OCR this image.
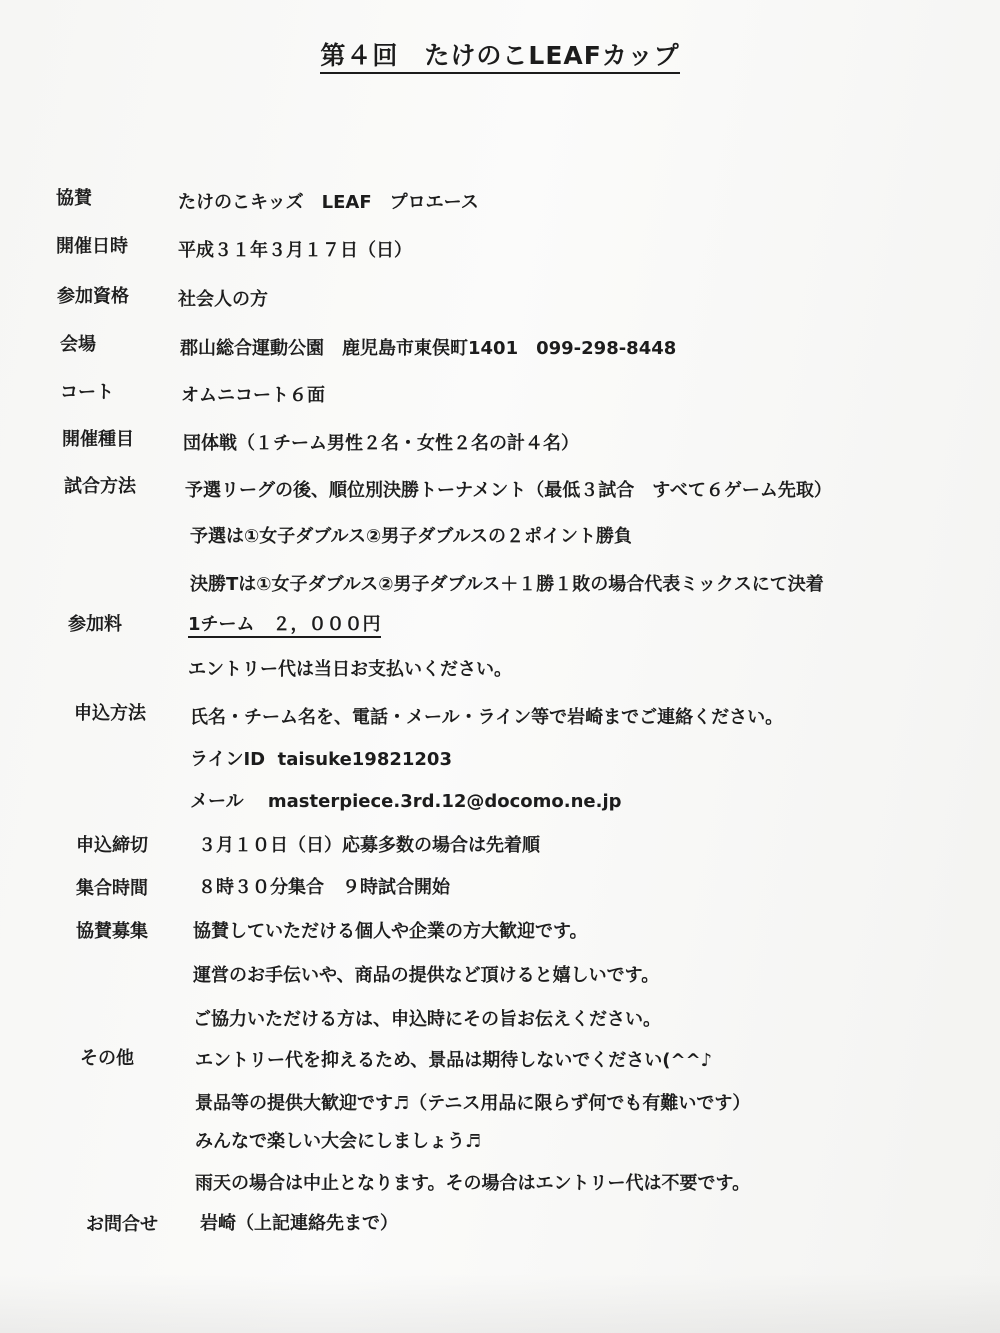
第４回　たけのこLEAFカップ
協賛	たけのこキッズ　LEAF　プロエース
開催日時	平成３１年３月１７日（日）
参加資格	社会人の方
会場	郡山総合運動公園　鹿児島市東俣町1401　099-298-8448
コート	オムニコート６面
開催種目	団体戦（１チーム男性２名・女性２名の計４名）
試合方法	予選リーグの後、順位別決勝トーナメント（最低３試合　すべて６ゲーム先取）
予選は①女子ダブルス②男子ダブルスの２ポイント勝負
決勝Tは①女子ダブルス②男子ダブルス＋１勝１敗の場合代表ミックスにて決着
参加料	1チーム　２，０００円
エントリー代は当日お支払いください。
申込方法 氏名・チーム名を、電話・メール・ライン等で岩崎までご連絡ください。
ラインID  taisuke19821203
メール　 masterpiece.3rd.12@docomo.ne.jp
申込締切	３月１０日（日）応募多数の場合は先着順
集合時間	８時３０分集合　９時試合開始
協賛募集	協賛していただける個人や企業の方大歓迎です。
運営のお手伝いや、商品の提供など頂けると嬉しいです。
ご協力いただける方は、申込時にその旨お伝えください。
その他	エントリー代を抑えるため、景品は期待しないでください(^^♪
景品等の提供大歓迎です♬（テニス用品に限らず何でも有難いです）
みんなで楽しい大会にしましょう♬
雨天の場合は中止となります。その場合はエントリー代は不要です。
お問合せ 岩崎（上記連絡先まで）
